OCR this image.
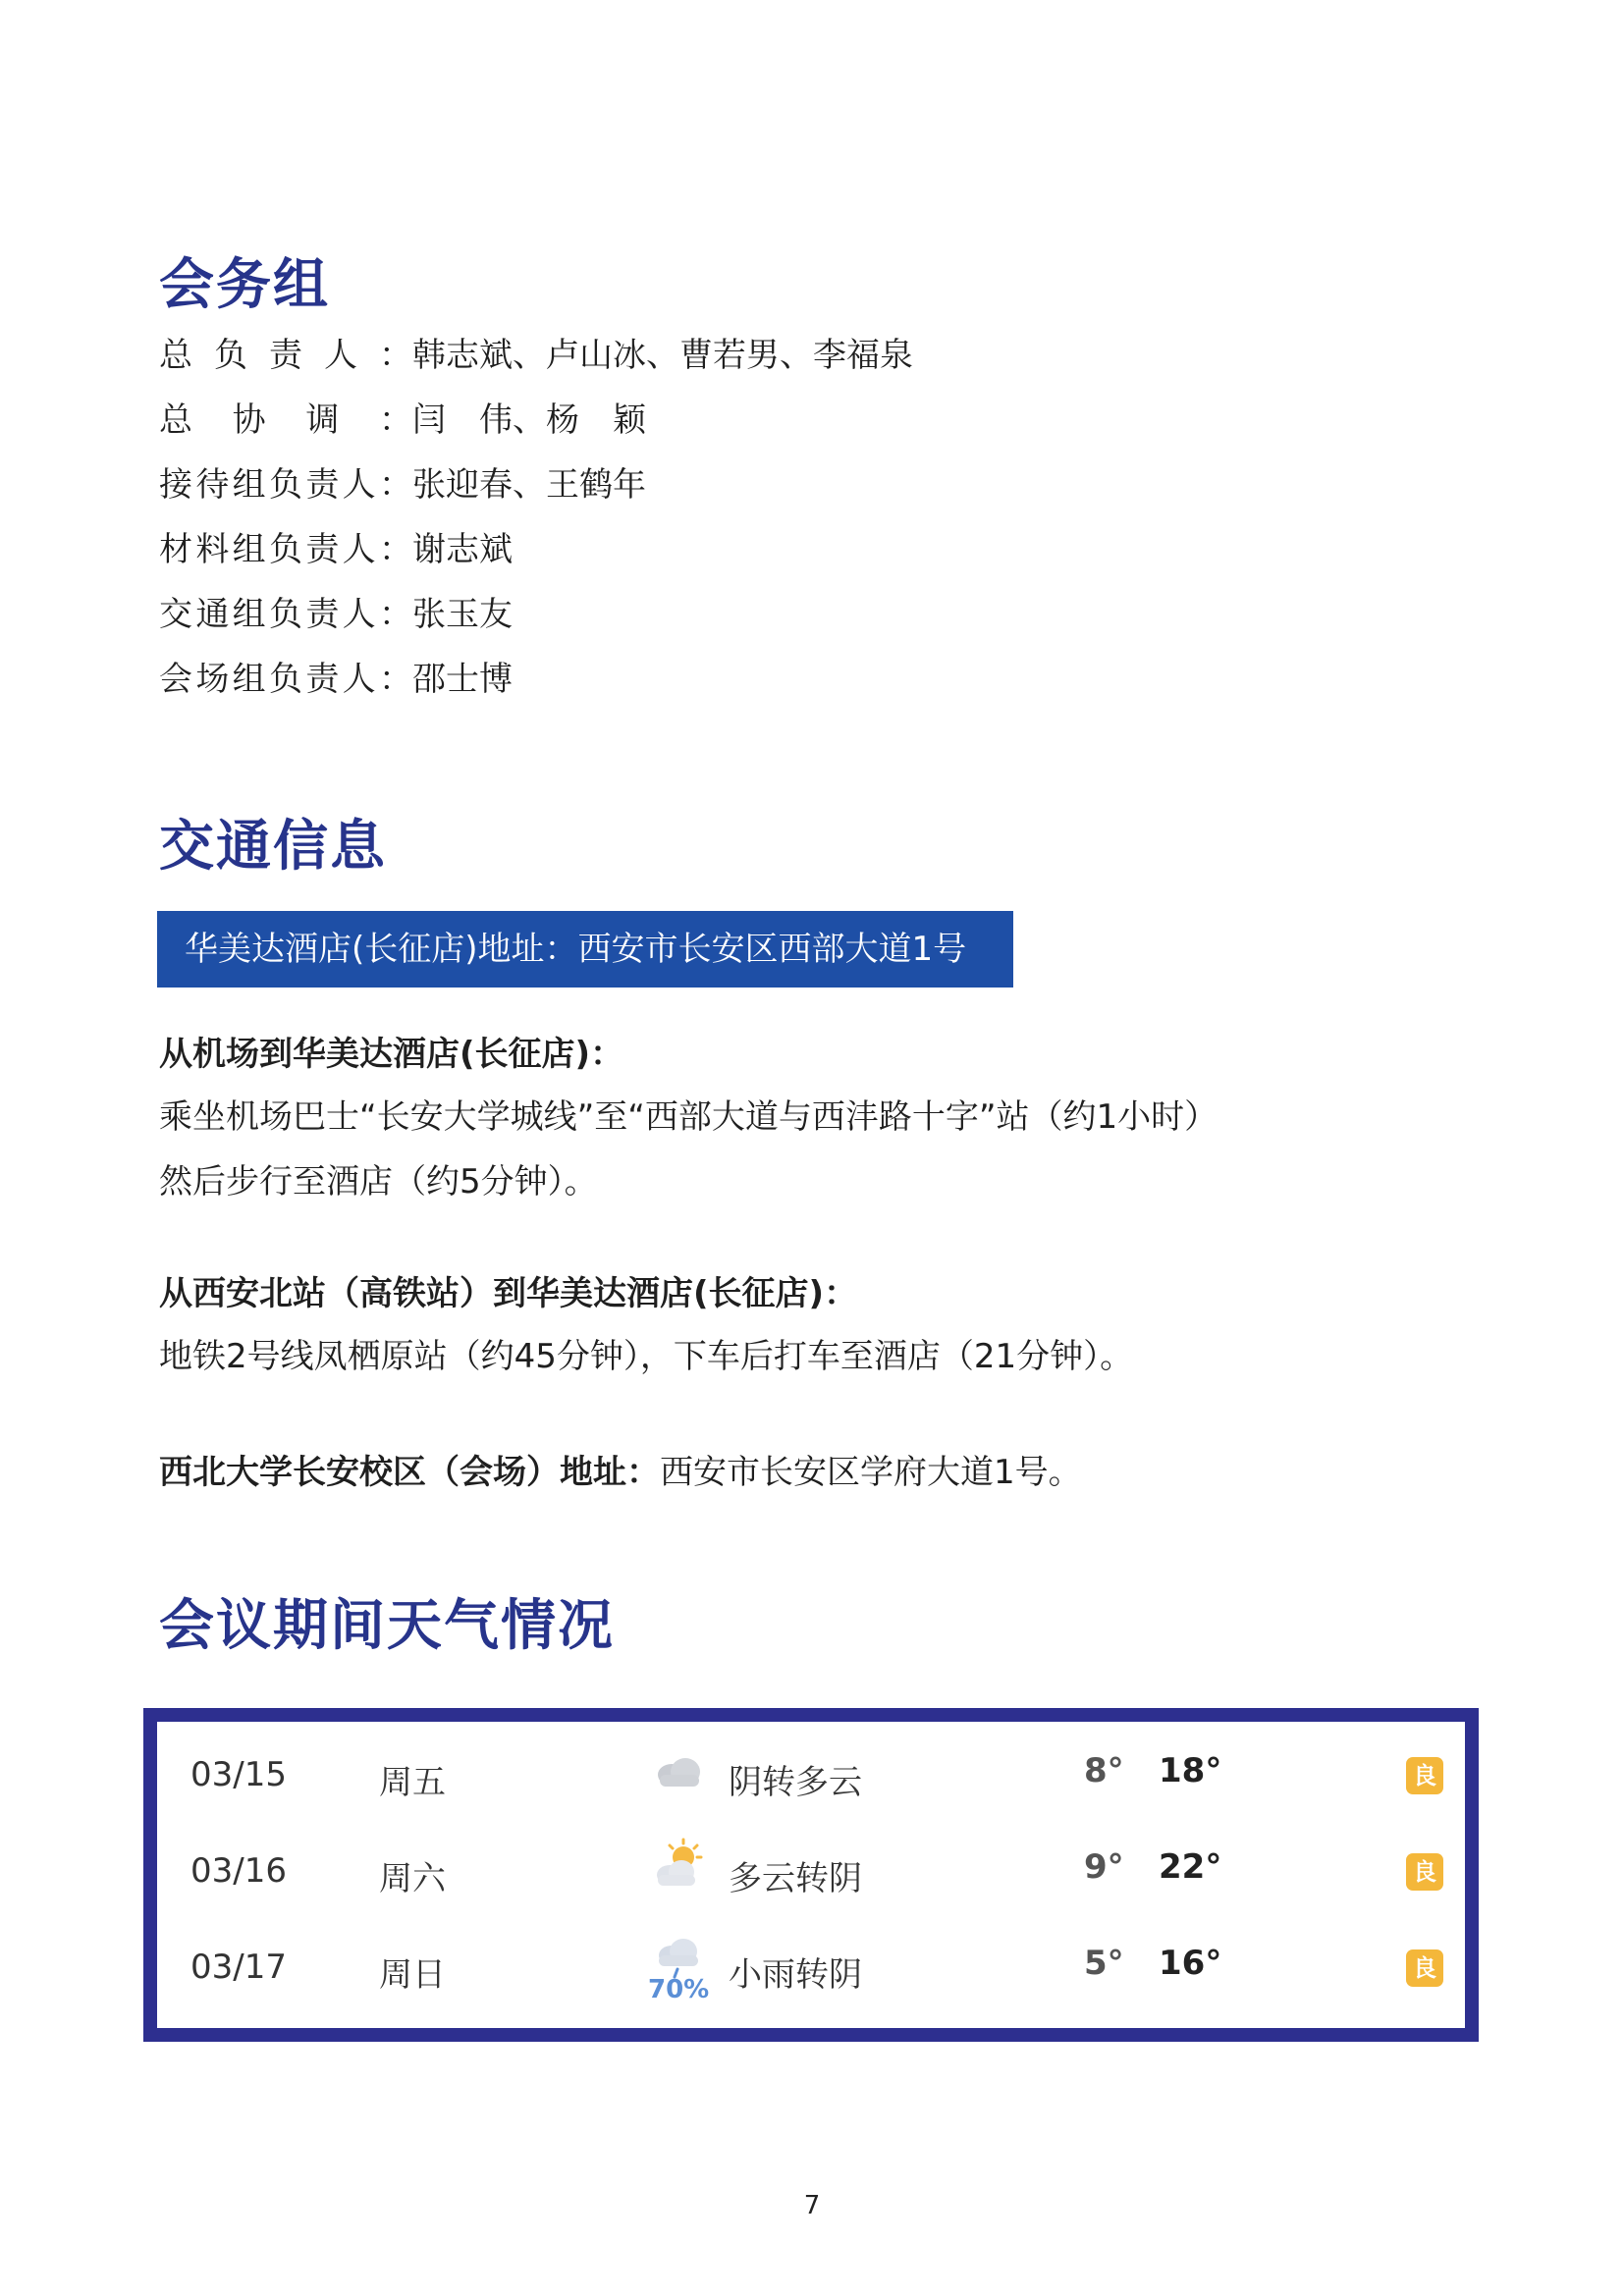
会务组
总负责人：韩志斌、卢山冰、曹若男、李福泉
总协调：闫　伟、杨　颖
接待组负责人：张迎春、王鹤年
材料组负责人：谢志斌
交通组负责人：张玉友
会场组负责人：邵士博
交通信息
华美达酒店(长征店)地址：西安市长安区西部大道1号
从机场到华美达酒店(长征店)：
乘坐机场巴士“长安大学城线”至“西部大道与西沣路十字”站（约1小时）
然后步行至酒店（约5分钟）。
从西安北站（高铁站）到华美达酒店(长征店)：
地铁2号线凤栖原站（约45分钟），下车后打车至酒店（21分钟）。
西北大学长安校区（会场）地址：西安市长安区学府大道1号。
会议期间天气情况
03/15	周五	阴转多云	8° 18°	良
03/16	周六	多云转阴	9° 22°	良
03/17	周日	70% 小雨转阴	5° 16°	良
7
